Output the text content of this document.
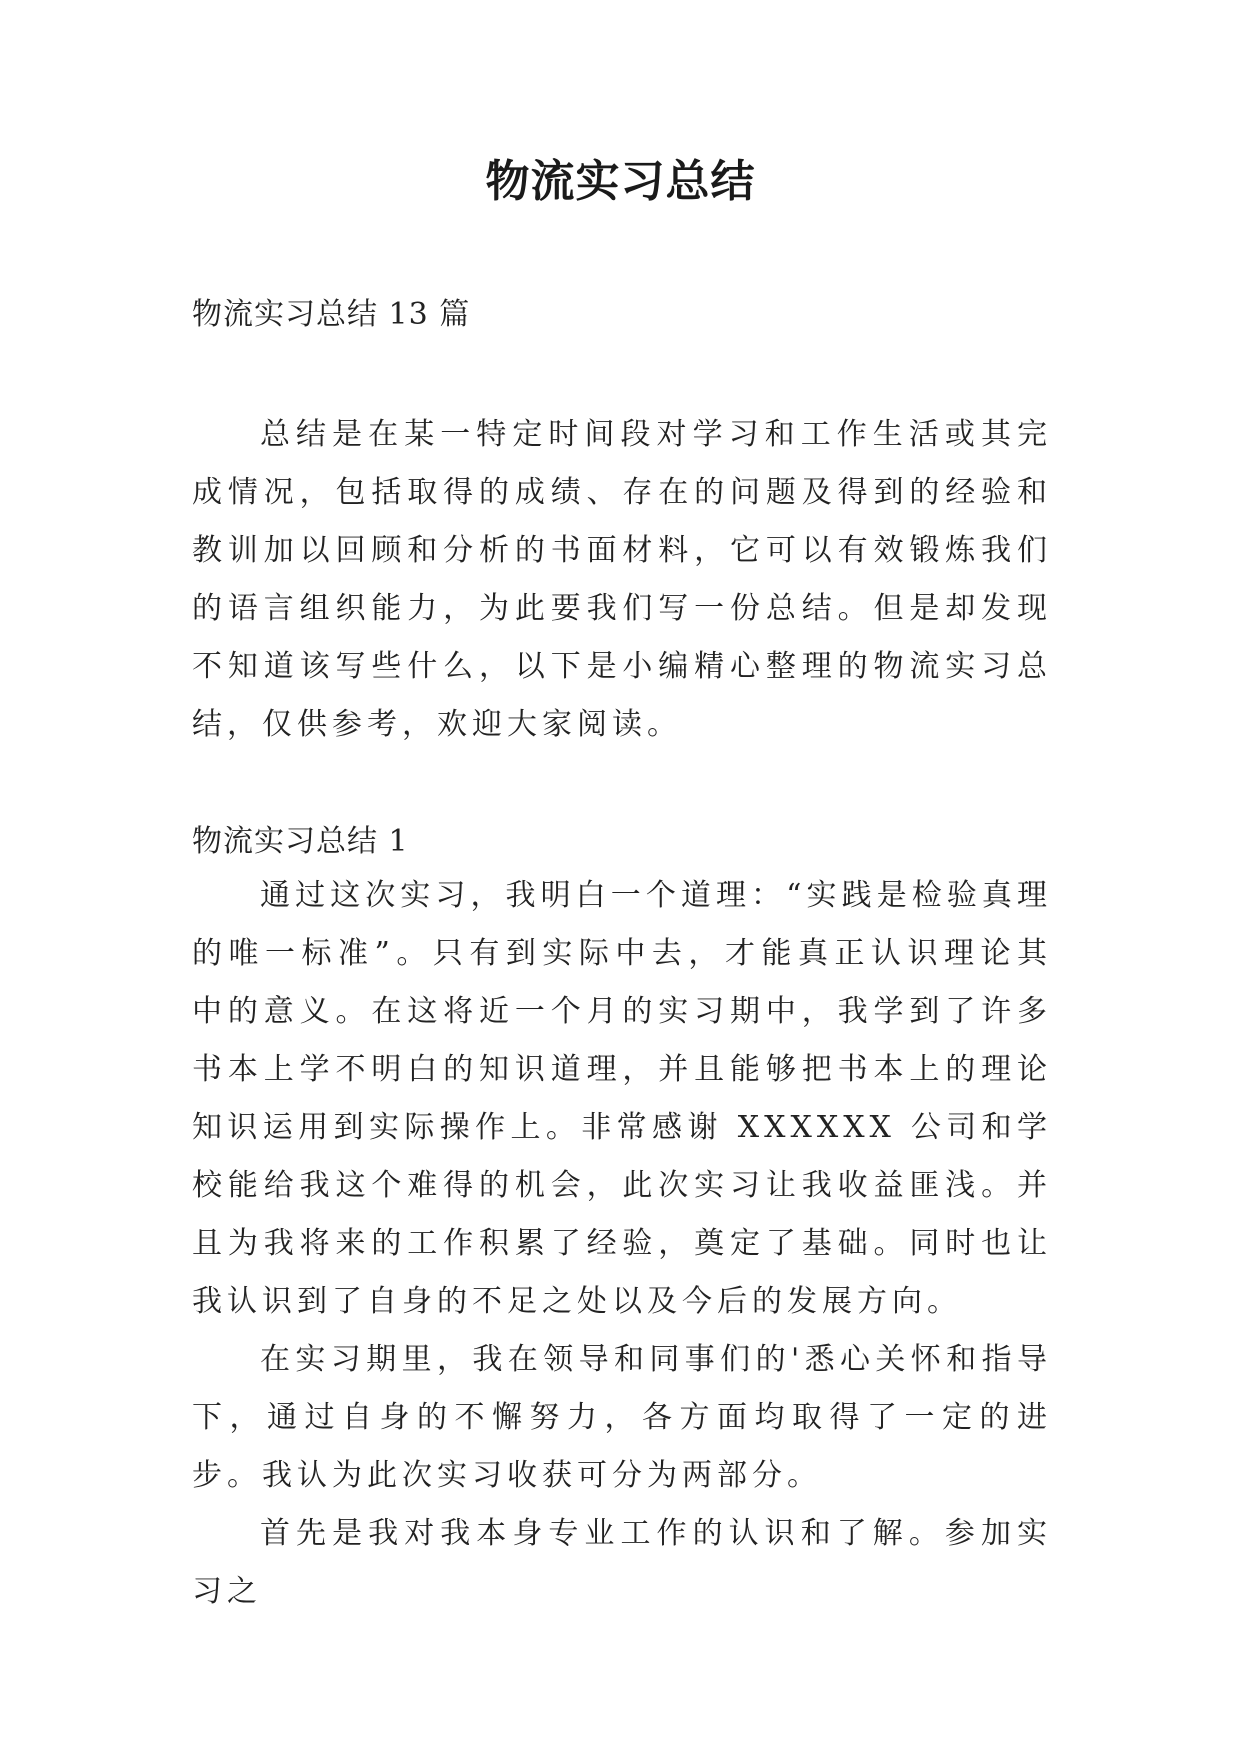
物流实习总结
物流实习总结 13 篇

总结是在某一特定时间段对学习和工作生活或其完成情况，包括取得的成绩、存在的问题及得到的经验和教训加以回顾和分析的书面材料，它可以有效锻炼我们的语言组织能力，为此要我们写一份总结。但是却发现不知道该写些什么，以下是小编精心整理的物流实习总结，仅供参考，欢迎大家阅读。

物流实习总结 1

通过这次实习，我明白一个道理：“实践是检验真理的唯一标准”。只有到实际中去，才能真正认识理论其中的意义。在这将近一个月的实习期中，我学到了许多书本上学不明白的知识道理，并且能够把书本上的理论知识运用到实际操作上。非常感谢 XXXXXX 公司和学校能给我这个难得的机会，此次实习让我收益匪浅。并且为我将来的工作积累了经验，奠定了基础。同时也让我认识到了自身的不足之处以及今后的发展方向。

在实习期里，我在领导和同事们的'悉心关怀和指导下，通过自身的不懈努力，各方面均取得了一定的进步。我认为此次实习收获可分为两部分。

首先是我对我本身专业工作的认识和了解。参加实习之
